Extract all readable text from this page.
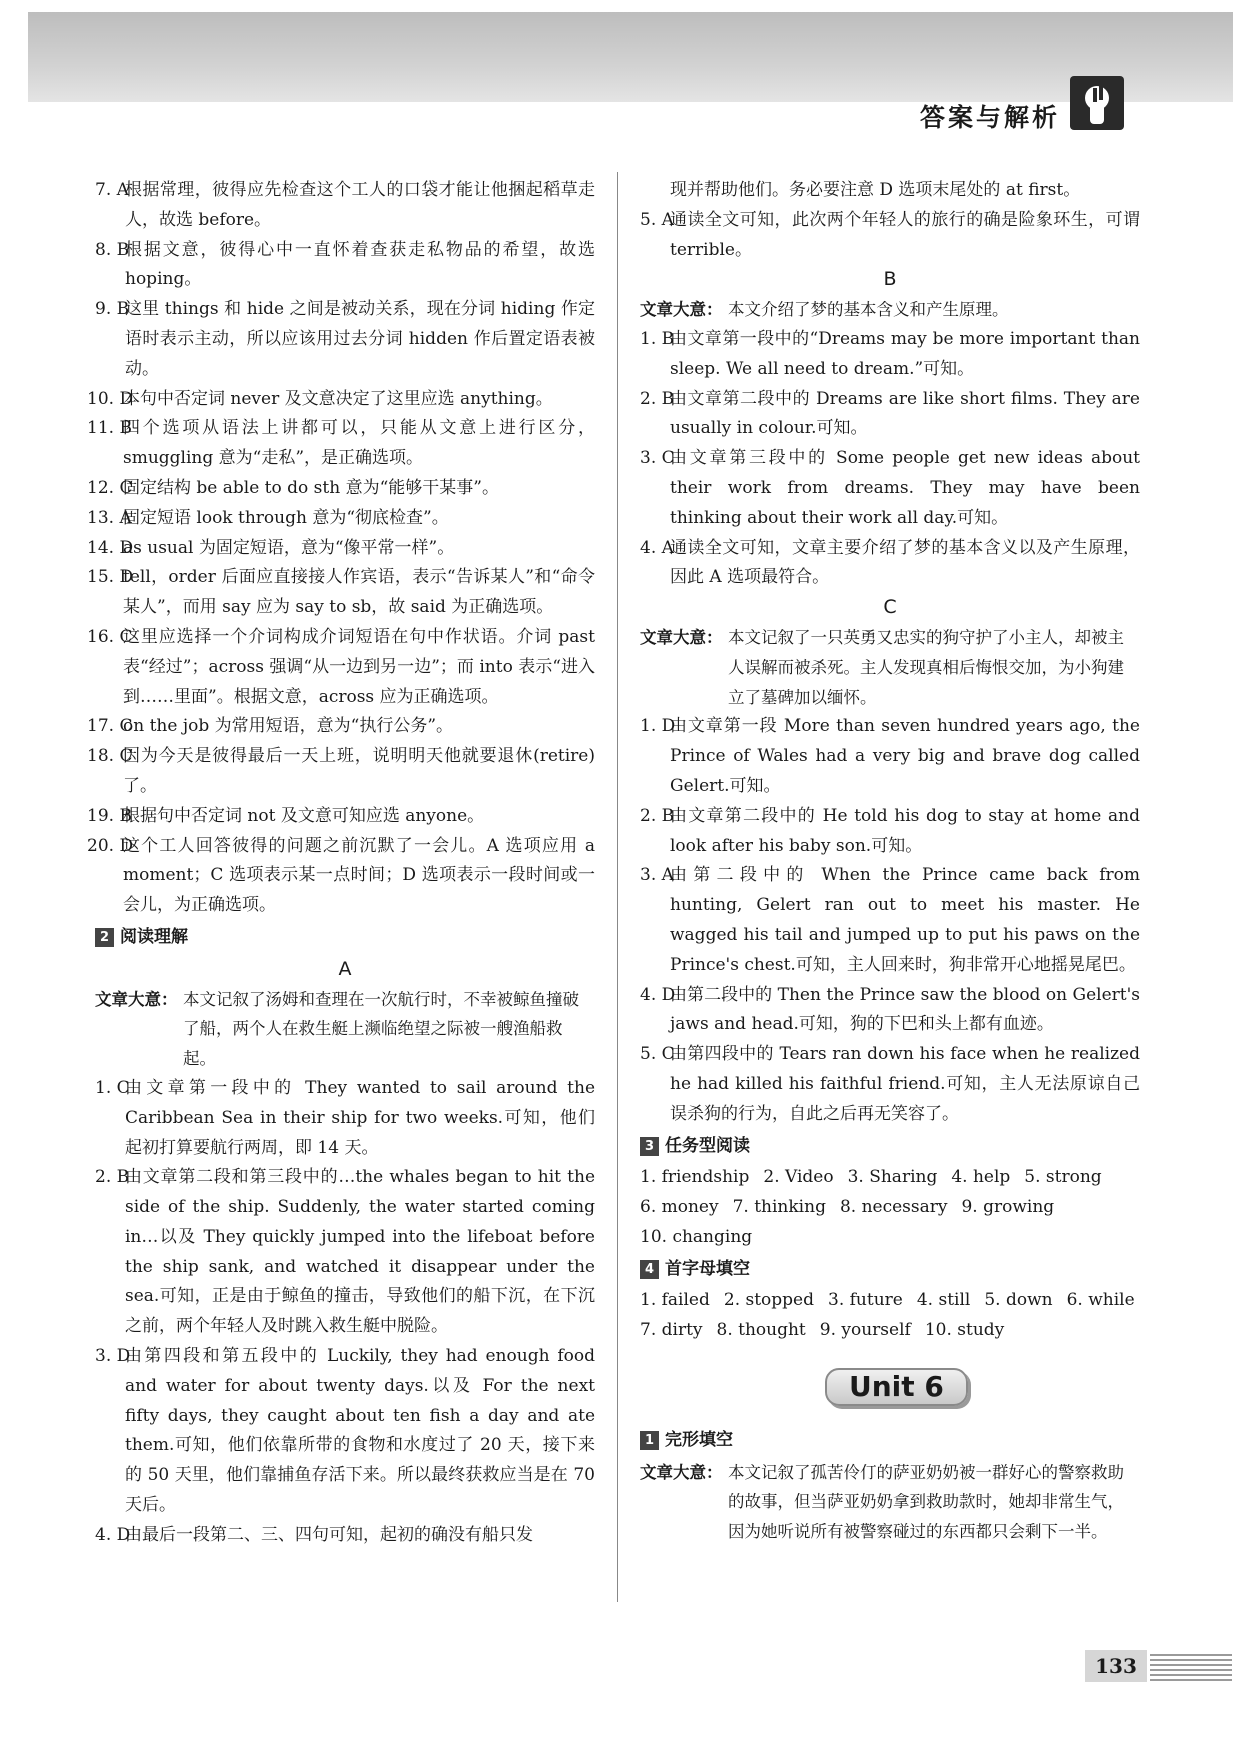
答案与解析
7. A
根据常理，彼得应先检查这个工人的口袋才能让他捆起稻草走人，故选 before。
8. B
根据文意，彼得心中一直怀着查获走私物品的希望，故选 hoping。
9. B
这里 things 和 hide 之间是被动关系，现在分词 hiding 作定语时表示主动，所以应该用过去分词 hidden 作后置定语表被动。
10. D
本句中否定词 never 及文意决定了这里应选 anything。
11. B
四个选项从语法上讲都可以，只能从文意上进行区分，smuggling 意为“走私”，是正确选项。
12. C
固定结构 be able to do sth 意为“能够干某事”。
13. A
固定短语 look through 意为“彻底检查”。
14. D
as usual 为固定短语，意为“像平常一样”。
15. D
tell，order 后面应直接接人作宾语，表示“告诉某人”和“命令某人”，而用 say 应为 say to sb，故 said 为正确选项。
16. C
这里应选择一个介词构成介词短语在句中作状语。介词 past 表“经过”；across 强调“从一边到另一边”；而 into 表示“进入到……里面”。根据文意，across 应为正确选项。
17. C
on the job 为常用短语，意为“执行公务”。
18. C
因为今天是彼得最后一天上班，说明明天他就要退休(retire)了。
19. B
根据句中否定词 not 及文意可知应选 anyone。
20. D
这个工人回答彼得的问题之前沉默了一会儿。A 选项应用 a moment；C 选项表示某一点时间；D 选项表示一段时间或一会儿，为正确选项。
2 阅读理解
A
文章大意： 本文记叙了汤姆和查理在一次航行时，不幸被鲸鱼撞破了船，两个人在救生艇上濒临绝望之际被一艘渔船救起。
1. C
由文章第一段中的 They wanted to sail around the Caribbean Sea in their ship for two weeks.可知，他们起初打算要航行两周，即 14 天。
2. B
由文章第二段和第三段中的…the whales began to hit the side of the ship. Suddenly, the water started coming in…以及 They quickly jumped into the lifeboat before the ship sank, and watched it disappear under the sea.可知，正是由于鲸鱼的撞击，导致他们的船下沉，在下沉之前，两个年轻人及时跳入救生艇中脱险。
3. D
由第四段和第五段中的 Luckily, they had enough food and water for about twenty days.以及 For the next fifty days, they caught about ten fish a day and ate them.可知，他们依靠所带的食物和水度过了 20 天，接下来的 50 天里，他们靠捕鱼存活下来。所以最终获救应当是在 70 天后。
4. D
由最后一段第二、三、四句可知，起初的确没有船只发
现并帮助他们。务必要注意 D 选项末尾处的 at first。
5. A
通读全文可知，此次两个年轻人的旅行的确是险象环生，可谓 terrible。
B
文章大意： 本文介绍了梦的基本含义和产生原理。
1. B
由文章第一段中的“Dreams may be more important than sleep. We all need to dream.”可知。
2. B
由文章第二段中的 Dreams are like short films. They are usually in colour.可知。
3. C
由文章第三段中的 Some people get new ideas about their work from dreams. They may have been thinking about their work all day.可知。
4. A
通读全文可知，文章主要介绍了梦的基本含义以及产生原理，因此 A 选项最符合。
C
文章大意： 本文记叙了一只英勇又忠实的狗守护了小主人，却被主人误解而被杀死。主人发现真相后悔恨交加，为小狗建立了墓碑加以缅怀。
1. D
由文章第一段 More than seven hundred years ago, the Prince of Wales had a very big and brave dog called Gelert.可知。
2. B
由文章第二段中的 He told his dog to stay at home and look after his baby son.可知。
3. A
由第二段中的 When the Prince came back from hunting, Gelert ran out to meet his master. He wagged his tail and jumped up to put his paws on the Prince's chest.可知，主人回来时，狗非常开心地摇晃尾巴。
4. D
由第二段中的 Then the Prince saw the blood on Gelert's jaws and head.可知，狗的下巴和头上都有血迹。
5. C
由第四段中的 Tears ran down his face when he realized he had killed his faithful friend.可知，主人无法原谅自己误杀狗的行为，自此之后再无笑容了。
3 任务型阅读
1. friendship 2. Video 3. Sharing 4. help 5. strong
6. money 7. thinking 8. necessary 9. growing
10. changing
4 首字母填空
1. failed 2. stopped 3. future 4. still 5. down 6. while
7. dirty 8. thought 9. yourself 10. study
Unit 6
1 完形填空
文章大意： 本文记叙了孤苦伶仃的萨亚奶奶被一群好心的警察救助的故事，但当萨亚奶奶拿到救助款时，她却非常生气，因为她听说所有被警察碰过的东西都只会剩下一半。
133
